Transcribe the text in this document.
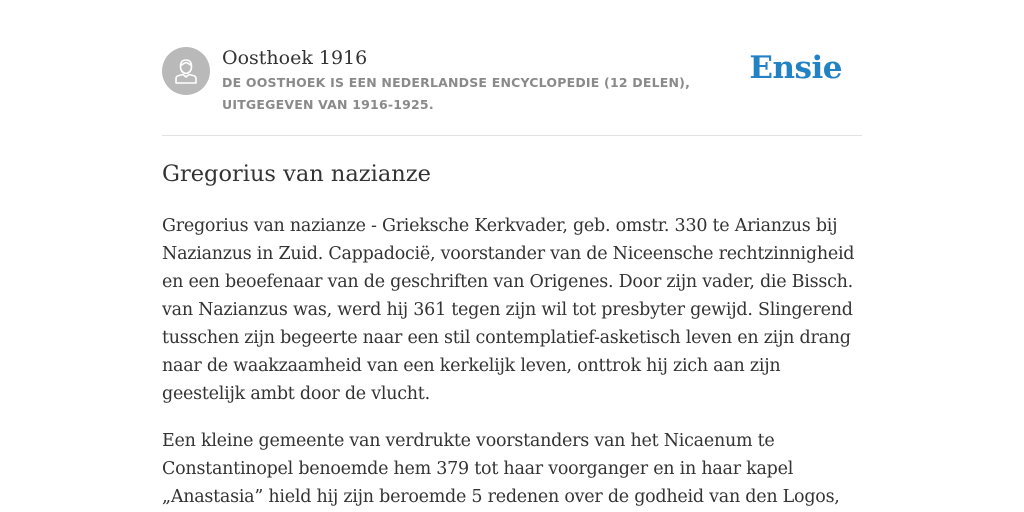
Oosthoek 1916
DE OOSTHOEK IS EEN NEDERLANDSE ENCYCLOPEDIE (12 DELEN), UITGEGEVEN VAN 1916-1925.
Ensie
Gregorius van nazianze

Gregorius van nazianze - Grieksche Kerkvader, geb. omstr. 330 te Arianzus bij Nazianzus in Zuid. Cappadocië, voorstander van de Niceensche rechtzinnigheid en een beoefenaar van de geschriften van Origenes. Door zijn vader, die Bissch. van Nazianzus was, werd hij 361 tegen zijn wil tot presbyter gewijd. Slingerend tusschen zijn begeerte naar een stil contemplatief-asketisch leven en zijn drang naar de waakzaamheid van een kerkelijk leven, onttrok hij zich aan zijn geestelijk ambt door de vlucht.

Een kleine gemeente van verdrukte voorstanders van het Nicaenum te Constantinopel benoemde hem 379 tot haar voorganger en in haar kapel „Anastasia” hield hij zijn beroemde 5 redenen over de godheid van den Logos,
